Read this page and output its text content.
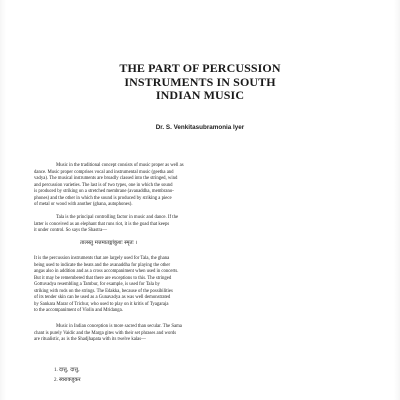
THE PART OF PERCUSSION
INSTRUMENTS IN SOUTH
INDIAN MUSIC
Dr. S. Venkitasubramonia Iyer
Music in the traditional concept consists of music proper as well as
dance. Music proper comprises vocal and instrumental music (geetha and
vadya). The musical instruments are broadly classed into the stringed, wind
and percussion varieties. The last is of two types, one in which the sound
is produced by striking on a stretched membrane (avanaddha, membrano-
phones) and the other in which the sound is produced by striking a piece
of metal or wood with another (ghana, autophones).
Tala is the principal controlling factor in music and dance. If the
latter is conceived as an elephant that runs riot, it is the goad that keeps
it under control. So says the Shastra—
तालस्तु मत्तमातङ्गांकुशः स्मृतः ।
It is the percussion instruments that are largely used for Tala, the ghana
being used to indicate the beats and the avanaddha for playing the other
angas also in addition and as a cross accompaniment when used in concerts.
But it may be remembered that there are exceptions to this. The stringed
Gottuvadya resembling a Tambur, for example, is used for Tala by
striking with rods on the strings. The Edakka, because of the possibilities
of its tender skin can be used as a Gunavadya as was well demonstrated
by Sankara Marar of Trichur, who used to play on it kritis of Tyagaraja
to the accompaniment of Violin and Mridanga.
Music in Indian conception is more sacred than secular. The Sama
chant is purely Vaidic and the Marga gites with their set phrases and words
are ritualistic, as is the Shadjhapata with its twelve kalas—
1. दात्तु, दात्तु,
2. स्वराक्जुकर
